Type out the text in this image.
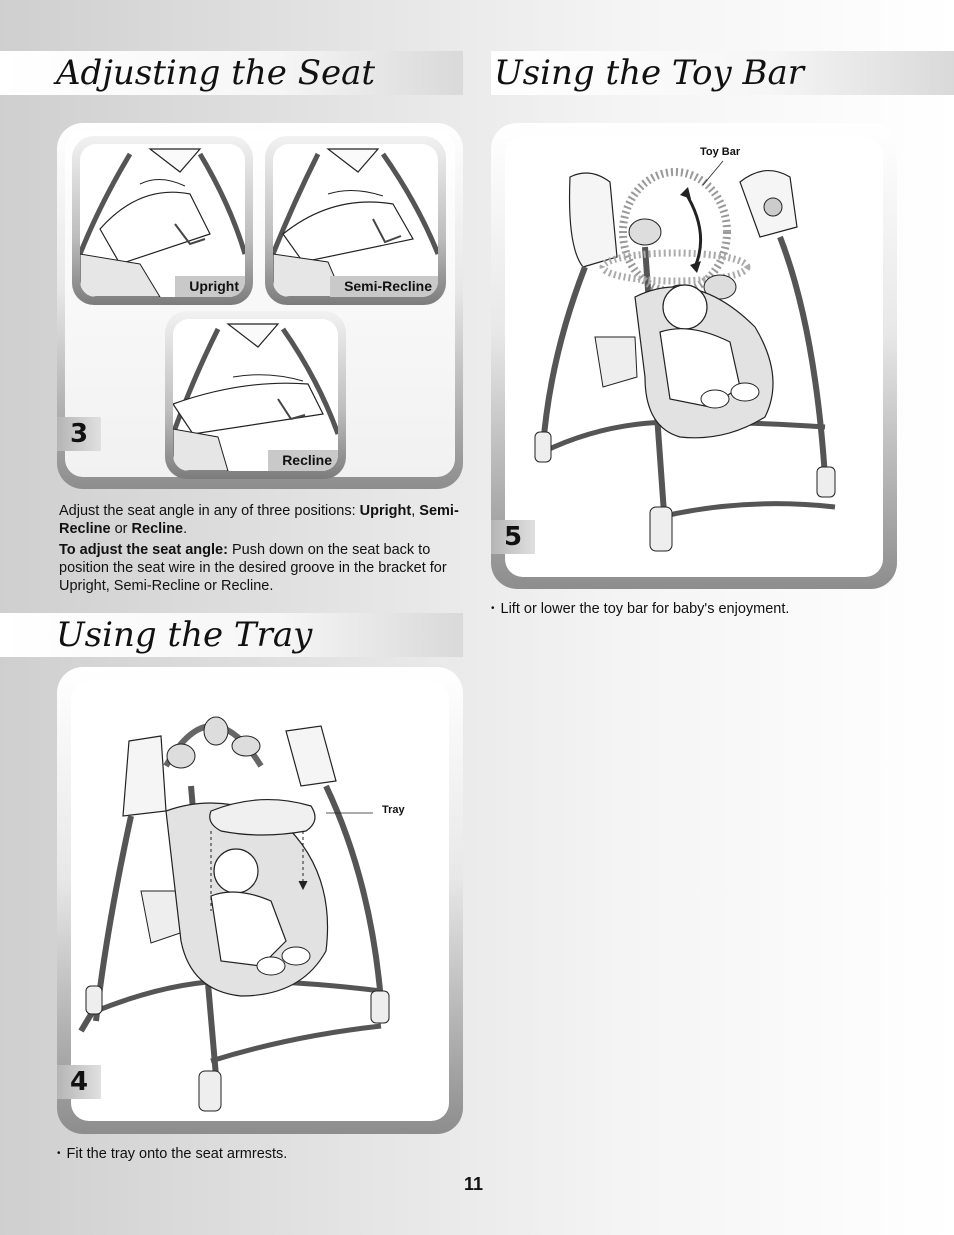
Adjusting the Seat	Using the Toy Bar
Using the Tray
Upright	Semi-Recline
Recline
3

Adjust the seat angle in any of three positions: Upright, Semi-Recline or Recline.

To adjust the seat angle: Push down on the seat back to position the seat wire in the desired groove in the bracket for Upright, Semi-Recline or Recline.

4
Tray
• Fit the tray onto the seat armrests.
5
Toy Bar
• Lift or lower the toy bar for baby's enjoyment.
11
